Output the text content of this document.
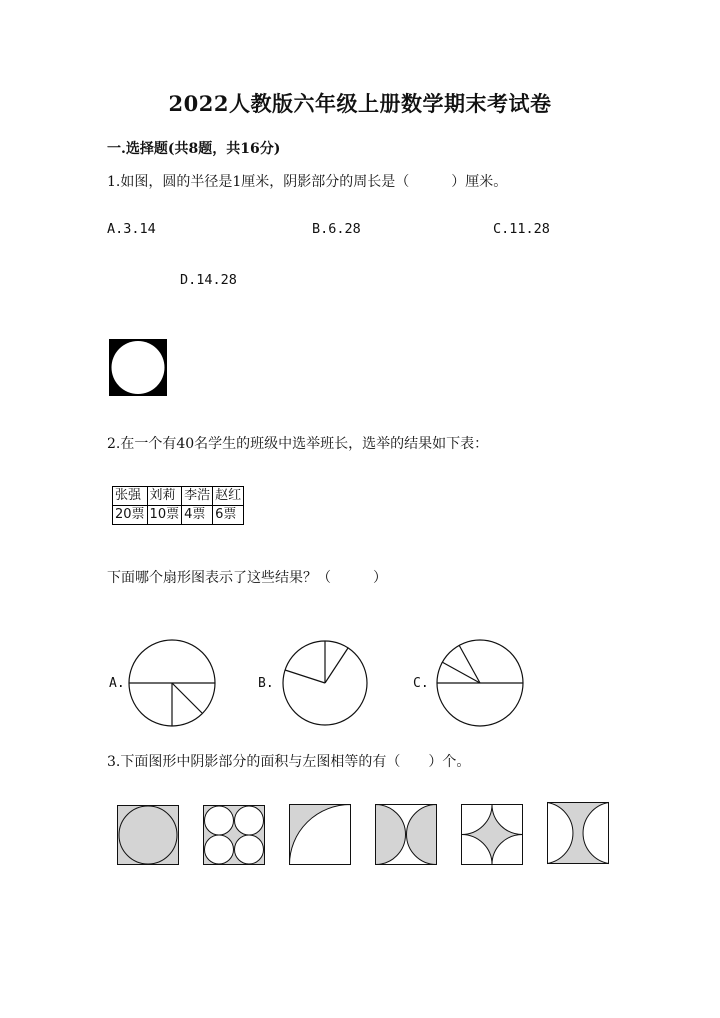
2022人教版六年级上册数学期末考试卷
一.选择题(共8题，共16分)
1.如图，圆的半径是1厘米，阴影部分的周长是（　　　）厘米。
A.3.14	B.6.28	C.11.28
D.14.28
2.在一个有40名学生的班级中选举班长，选举的结果如下表：
张强	刘莉	李浩	赵红
20票	10票	4票	6票
下面哪个扇形图表示了这些结果？（　　　）
A.	B.	C.
3.下面图形中阴影部分的面积与左图相等的有（　　）个。
